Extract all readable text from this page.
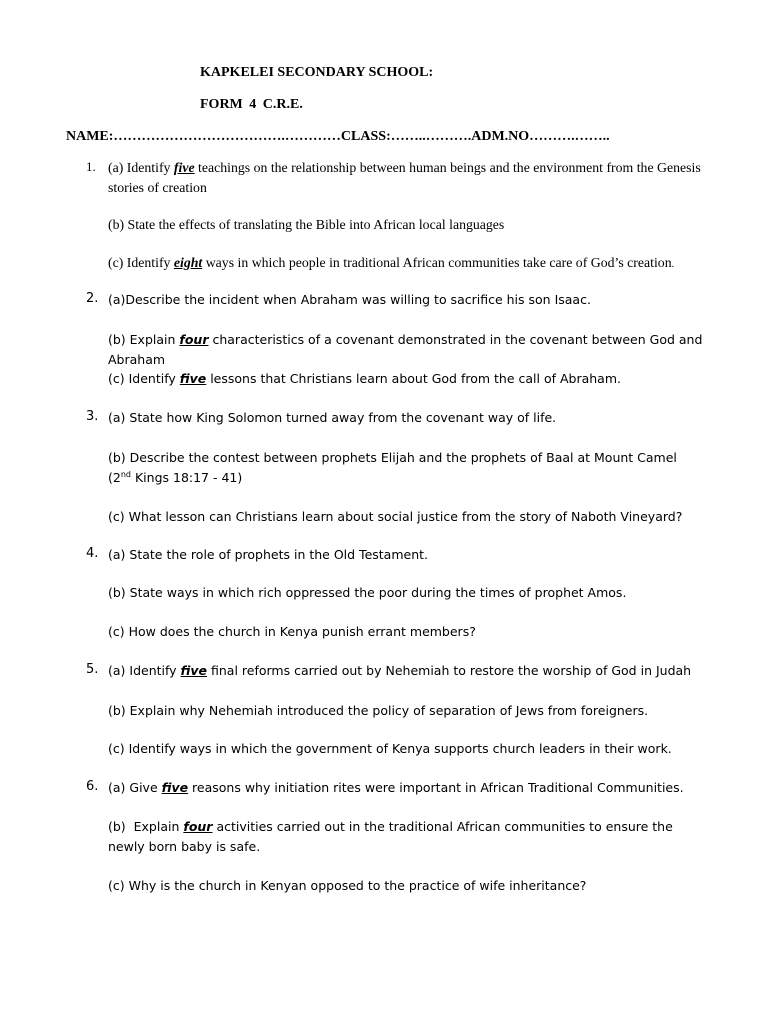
KAPKELEI SECONDARY SCHOOL:
FORM 4 C.R.E.
NAME:……………………………….…………CLASS:……..……….ADM.NO……….……..
1. (a) Identify five teachings on the relationship between human beings and the environment from the Genesis stories of creation
(b) State the effects of translating the Bible into African local languages
(c) Identify eight ways in which people in traditional African communities take care of God’s creation.
2. (a)Describe the incident when Abraham was willing to sacrifice his son Isaac.
(b) Explain four characteristics of a covenant demonstrated in the covenant between God and Abraham
(c) Identify five lessons that Christians learn about God from the call of Abraham.
3. (a) State how King Solomon turned away from the covenant way of life.
(b) Describe the contest between prophets Elijah and the prophets of Baal at Mount Camel (2nd Kings 18:17 - 41)
(c) What lesson can Christians learn about social justice from the story of Naboth Vineyard?
4. (a) State the role of prophets in the Old Testament.
(b) State ways in which rich oppressed the poor during the times of prophet Amos.
(c) How does the church in Kenya punish errant members?
5. (a) Identify five final reforms carried out by Nehemiah to restore the worship of God in Judah
(b) Explain why Nehemiah introduced the policy of separation of Jews from foreigners.
(c) Identify ways in which the government of Kenya supports church leaders in their work.
6. (a) Give five reasons why initiation rites were important in African Traditional Communities.
(b)  Explain four activities carried out in the traditional African communities to ensure the newly born baby is safe.
(c) Why is the church in Kenyan opposed to the practice of wife inheritance?
